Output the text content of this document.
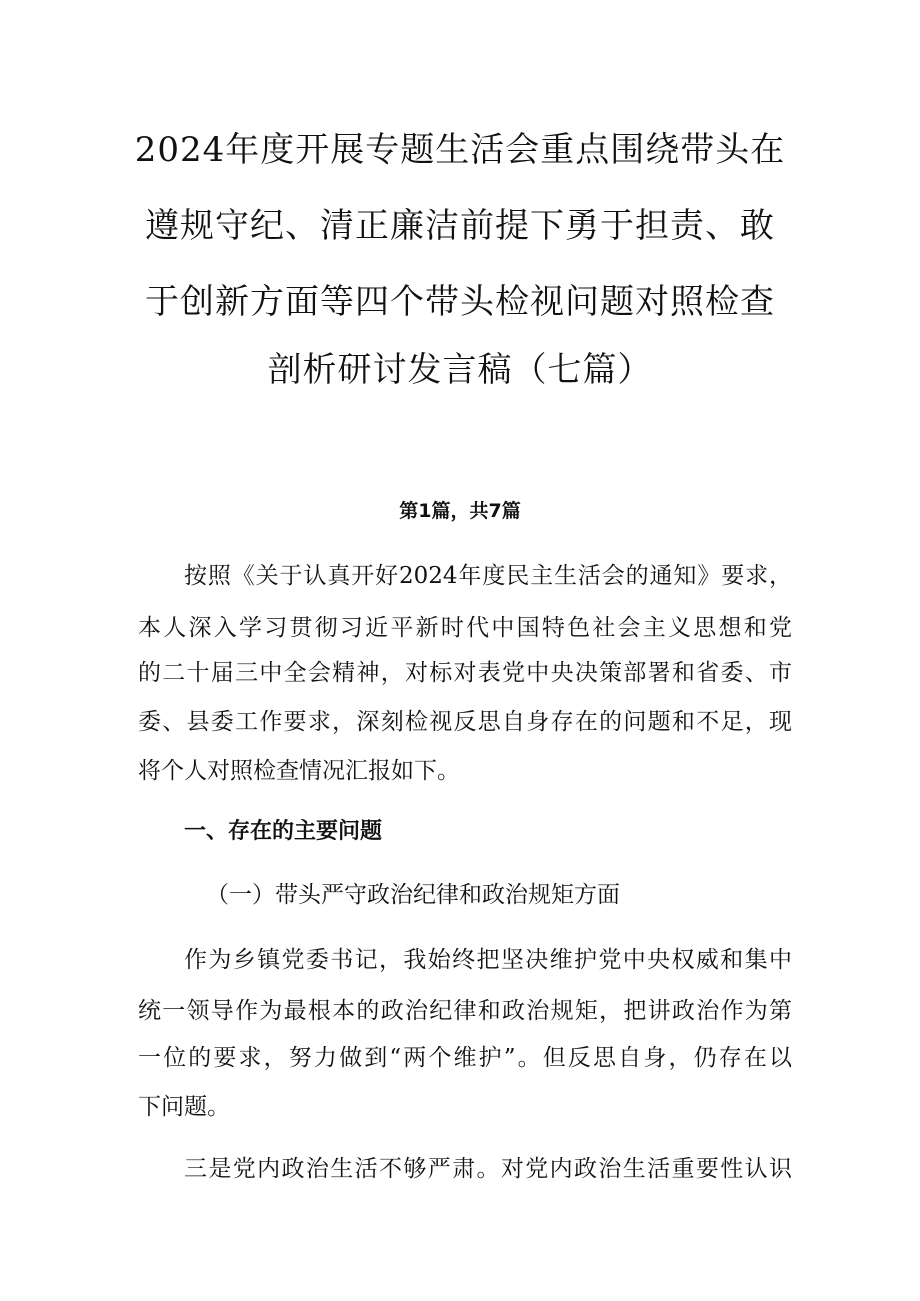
2024年度开展专题生活会重点围绕带头在
遵规守纪、清正廉洁前提下勇于担责、敢
于创新方面等四个带头检视问题对照检查
剖析研讨发言稿（七篇）
第1篇，共7篇
按照《关于认真开好2024年度民主生活会的通知》要求，
本人深入学习贯彻习近平新时代中国特色社会主义思想和党
的二十届三中全会精神，对标对表党中央决策部署和省委、市
委、县委工作要求，深刻检视反思自身存在的问题和不足，现
将个人对照检查情况汇报如下。
一、存在的主要问题
（一）带头严守政治纪律和政治规矩方面
作为乡镇党委书记，我始终把坚决维护党中央权威和集中
统一领导作为最根本的政治纪律和政治规矩，把讲政治作为第
一位的要求，努力做到“两个维护”。但反思自身，仍存在以
下问题。
三是党内政治生活不够严肃。对党内政治生活重要性认识
